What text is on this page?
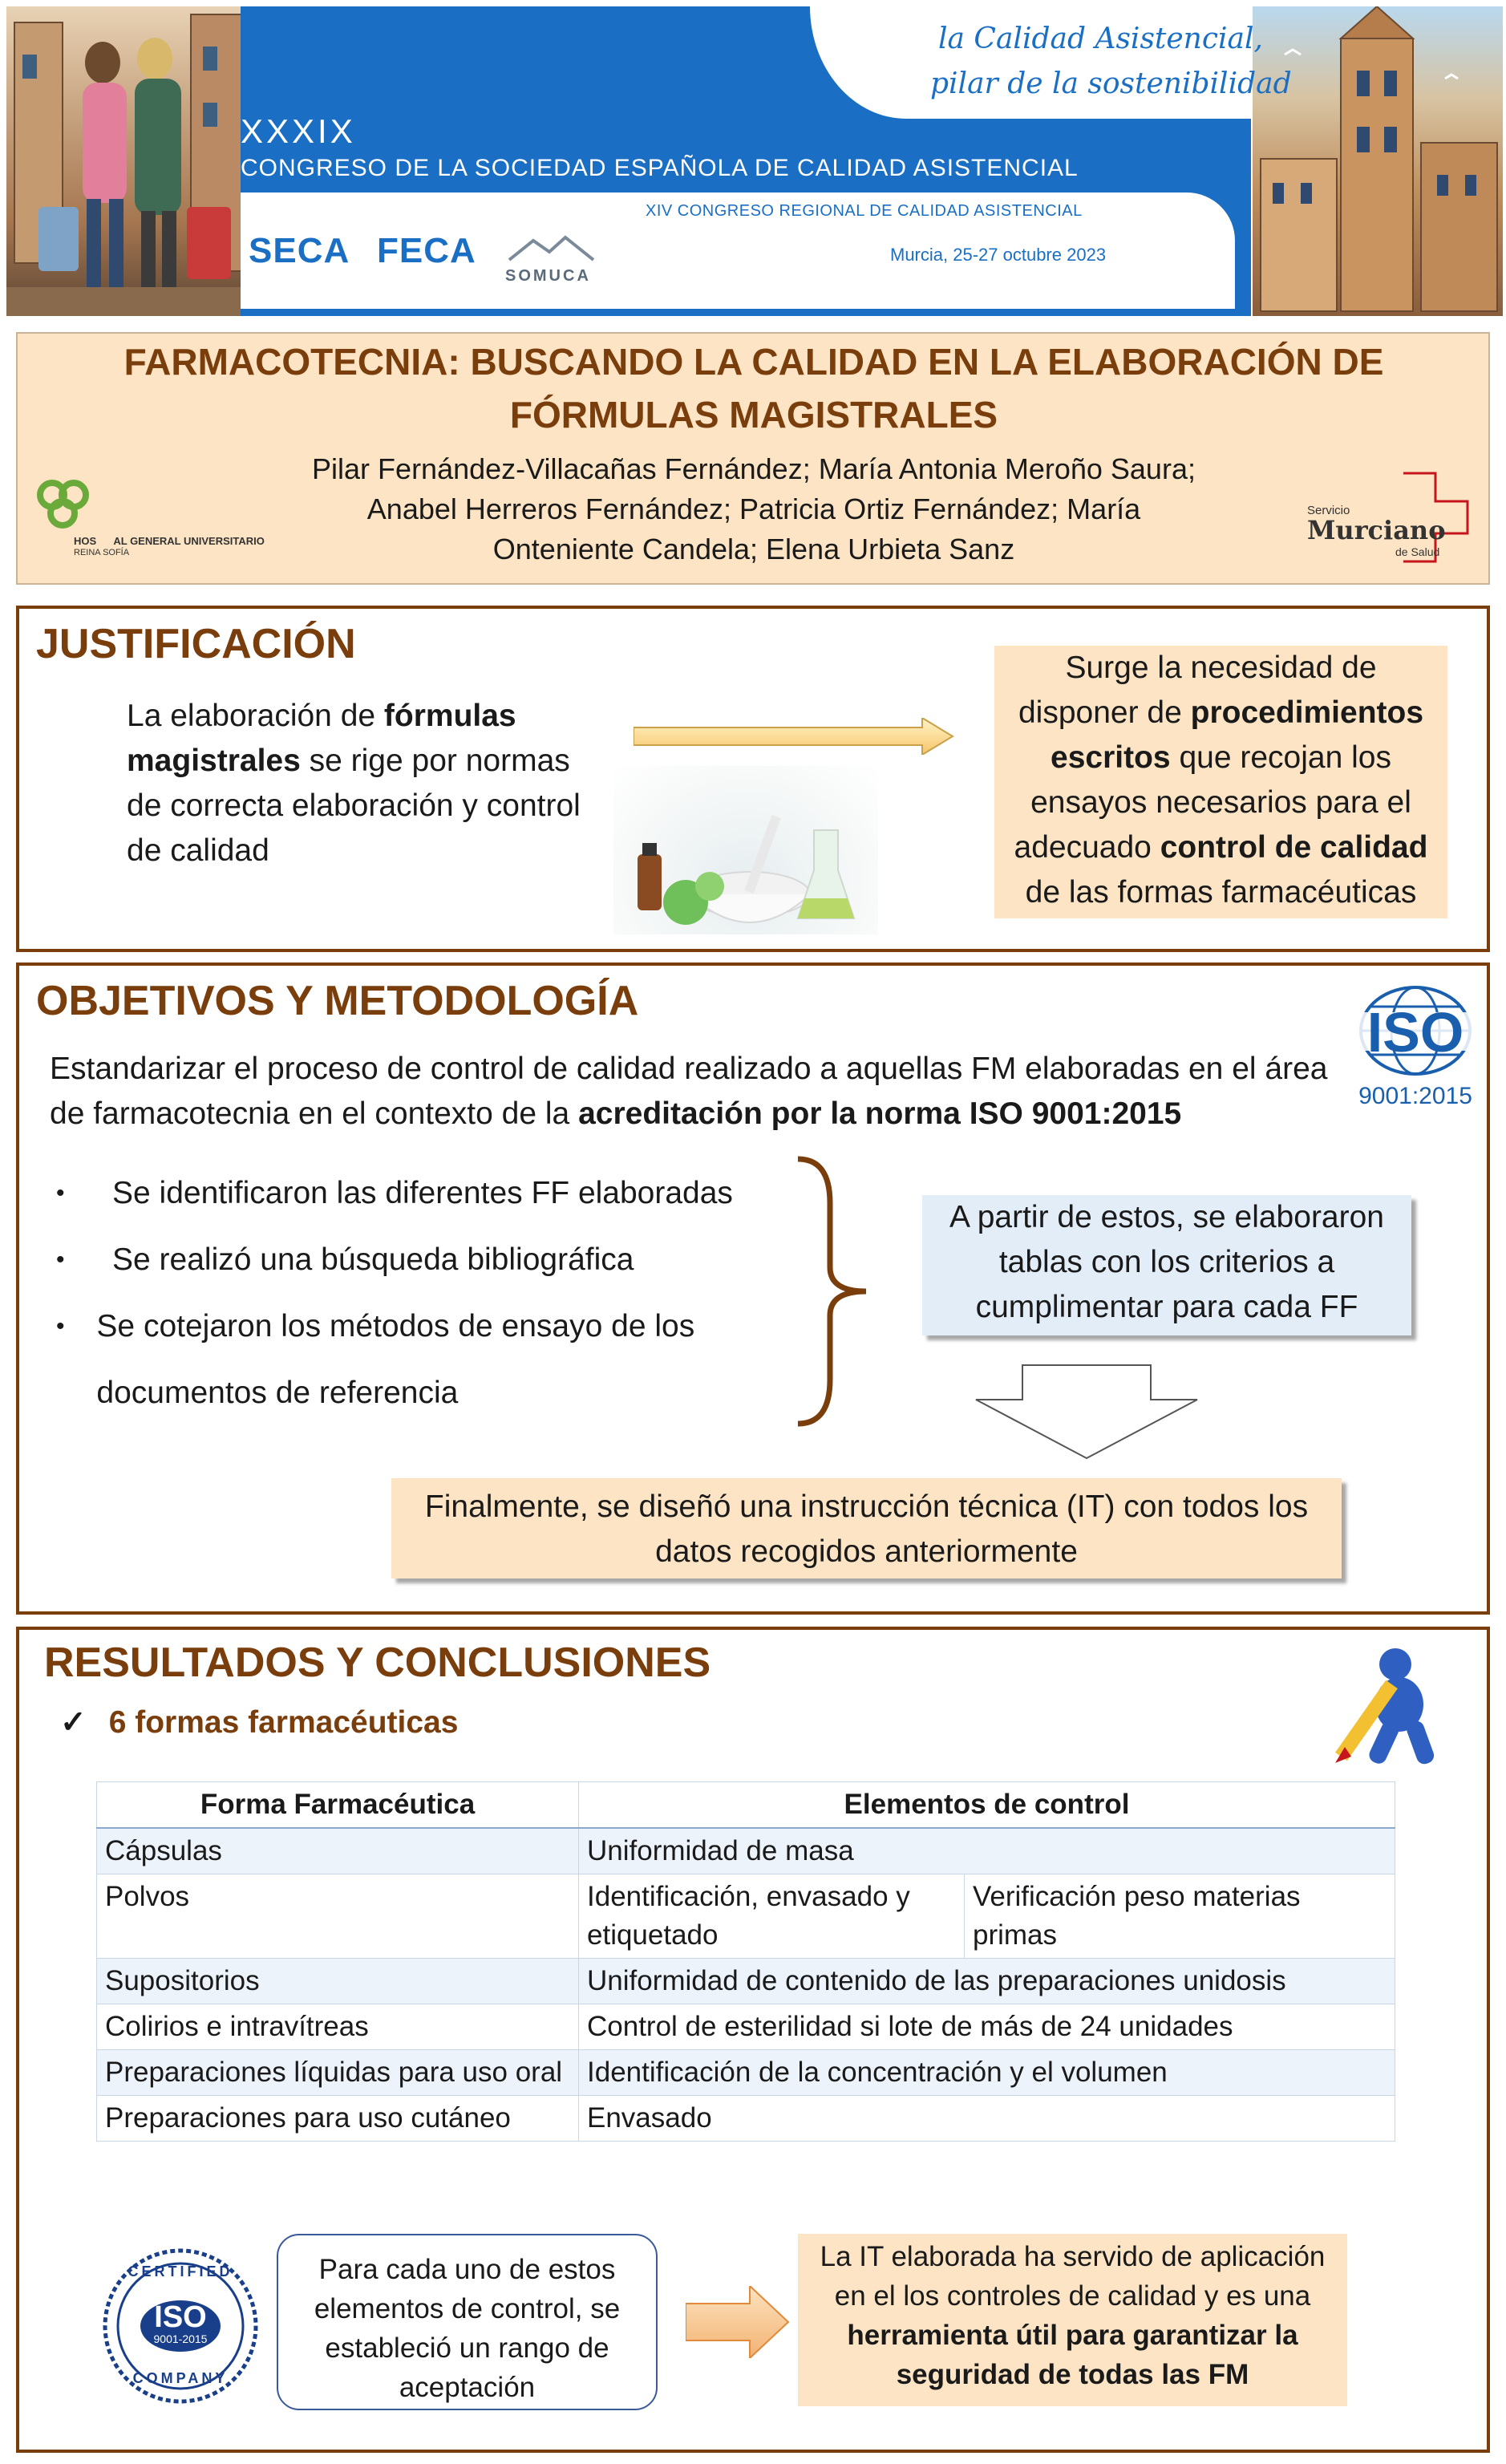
la Calidad Asistencial,
pilar de la sostenibilidad
XXXIX
CONGRESO DE LA SOCIEDAD ESPAÑOLA DE CALIDAD ASISTENCIAL
XIV CONGRESO REGIONAL DE CALIDAD ASISTENCIAL
Murcia, 25-27 octubre 2023
SECA FECA
SOMUCA
FARMACOTECNIA: BUSCANDO LA CALIDAD EN LA ELABORACIÓN DE
FÓRMULAS MAGISTRALES
Pilar Fernández-Villacañas Fernández; María Antonia Meroño Saura;
Anabel Herreros Fernández; Patricia Ortiz Fernández; María
Onteniente Candela; Elena Urbieta Sanz
HOS      AL GENERAL UNIVERSITARIO
REINA SOFÍA
Servicio
Murciano
de Salud
JUSTIFICACIÓN
La elaboración de fórmulas magistrales se rige por normas de correcta elaboración y control de calidad
Surge la necesidad de disponer de procedimientos escritos que recojan los ensayos necesarios para el adecuado control de calidad de las formas farmacéuticas
OBJETIVOS Y METODOLOGÍA
Estandarizar el proceso de control de calidad realizado a aquellas FM elaboradas en el área de farmacotecnia en el contexto de la acreditación por la norma ISO 9001:2015
ISO
9001:2015
•	Se identificaron las diferentes FF elaboradas
•	Se realizó una búsqueda bibliográfica
•	Se cotejaron los métodos de ensayo de los documentos de referencia
A partir de estos, se elaboraron tablas con los criterios a cumplimentar para cada FF
Finalmente, se diseñó una instrucción técnica (IT) con todos los datos recogidos anteriormente
RESULTADOS Y CONCLUSIONES
✓ 6 formas farmacéuticas
Forma Farmacéutica	Elementos de control	
Cápsulas	Uniformidad de masa	
Polvos	Identificación, envasado y etiquetado	Verificación peso materias primas
Supositorios	Uniformidad de contenido de las preparaciones unidosis	
Colirios e intravítreas	Control de esterilidad si lote de más de 24 unidades	
Preparaciones líquidas para uso oral	Identificación de la concentración y el volumen	
Preparaciones para uso cutáneo	Envasado	
CERTIFIED
ISO
9001-2015
COMPANY
Para cada uno de estos elementos de control, se estableció un rango de aceptación
La IT elaborada ha servido de aplicación en el los controles de calidad y es una herramienta útil para garantizar la seguridad de todas las FM
